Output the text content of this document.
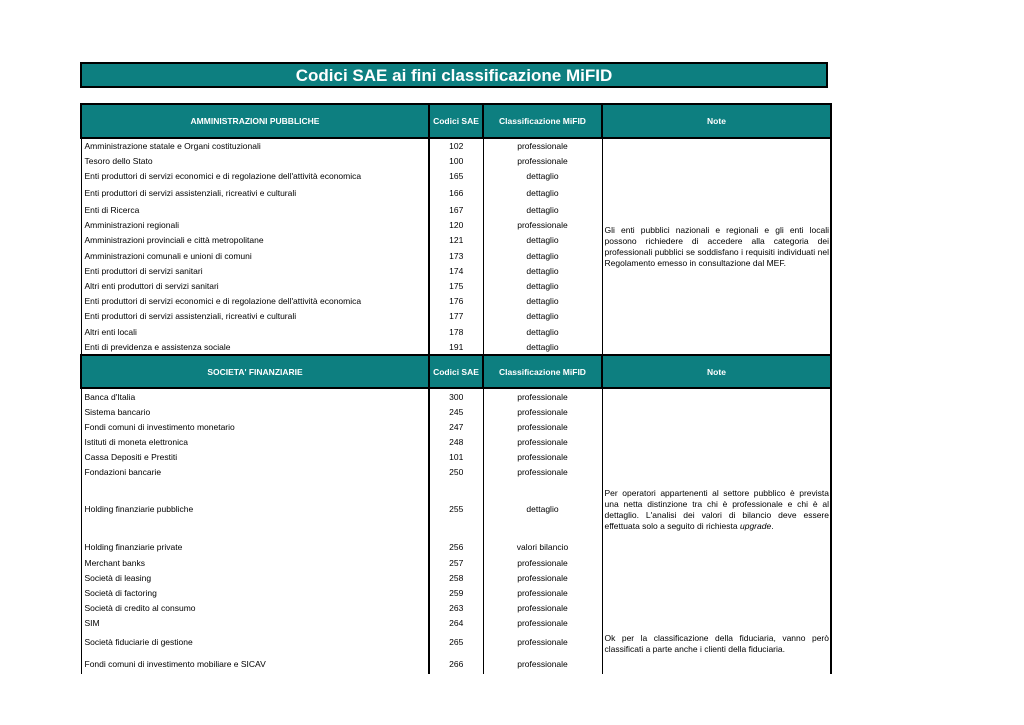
Codici SAE ai fini classificazione MiFID
AMMINISTRAZIONI PUBBLICHE	Codici SAE	Classificazione MiFID	Note
Amministrazione statale e Organi costituzionali	102	professionale	Gli enti pubblici nazionali e regionali e gli enti locali possono richiedere di accedere alla categoria dei professionali pubblici se soddisfano i requisiti individuati nel Regolamento emesso in consultazione dal MEF.
Tesoro dello Stato	100	professionale	
Enti produttori di servizi economici e di regolazione dell'attività economica	165	dettaglio	
Enti produttori di servizi assistenziali, ricreativi e culturali	166	dettaglio	
Enti di Ricerca	167	dettaglio	
Amministrazioni regionali	120	professionale	
Amministrazioni provinciali e città metropolitane	121	dettaglio	
Amministrazioni comunali e unioni di comuni	173	dettaglio	
Enti produttori di servizi sanitari	174	dettaglio	
Altri enti produttori di servizi sanitari	175	dettaglio	
Enti produttori di servizi economici e di regolazione dell'attività economica	176	dettaglio	
Enti produttori di servizi assistenziali, ricreativi e culturali	177	dettaglio	
Altri enti locali	178	dettaglio	
Enti di previdenza e assistenza sociale	191	dettaglio	
SOCIETA' FINANZIARIE	Codici SAE	Classificazione MiFID	Note
Banca d'Italia	300	professionale	Per operatori appartenenti al settore pubblico è prevista una netta distinzione tra chi è professionale e chi è al dettaglio. L'analisi dei valori di bilancio deve essere effettuata solo a seguito di richiesta upgrade.
Sistema bancario	245	professionale	
Fondi comuni di investimento monetario	247	professionale	
Istituti di moneta elettronica	248	professionale	
Cassa Depositi e Prestiti	101	professionale	
Fondazioni bancarie	250	professionale	
Holding finanziarie pubbliche	255	dettaglio	
Holding finanziarie private	256	valori bilancio	
Merchant banks	257	professionale	
Società di leasing	258	professionale	
Società di factoring	259	professionale	
Società di credito al consumo	263	professionale	
SIM	264	professionale	
Società fiduciarie di gestione	265	professionale	Ok per la classificazione della fiduciaria, vanno però classificati a parte anche i clienti della fiduciaria.
Fondi comuni di investimento mobiliare e SICAV	266	professionale	
